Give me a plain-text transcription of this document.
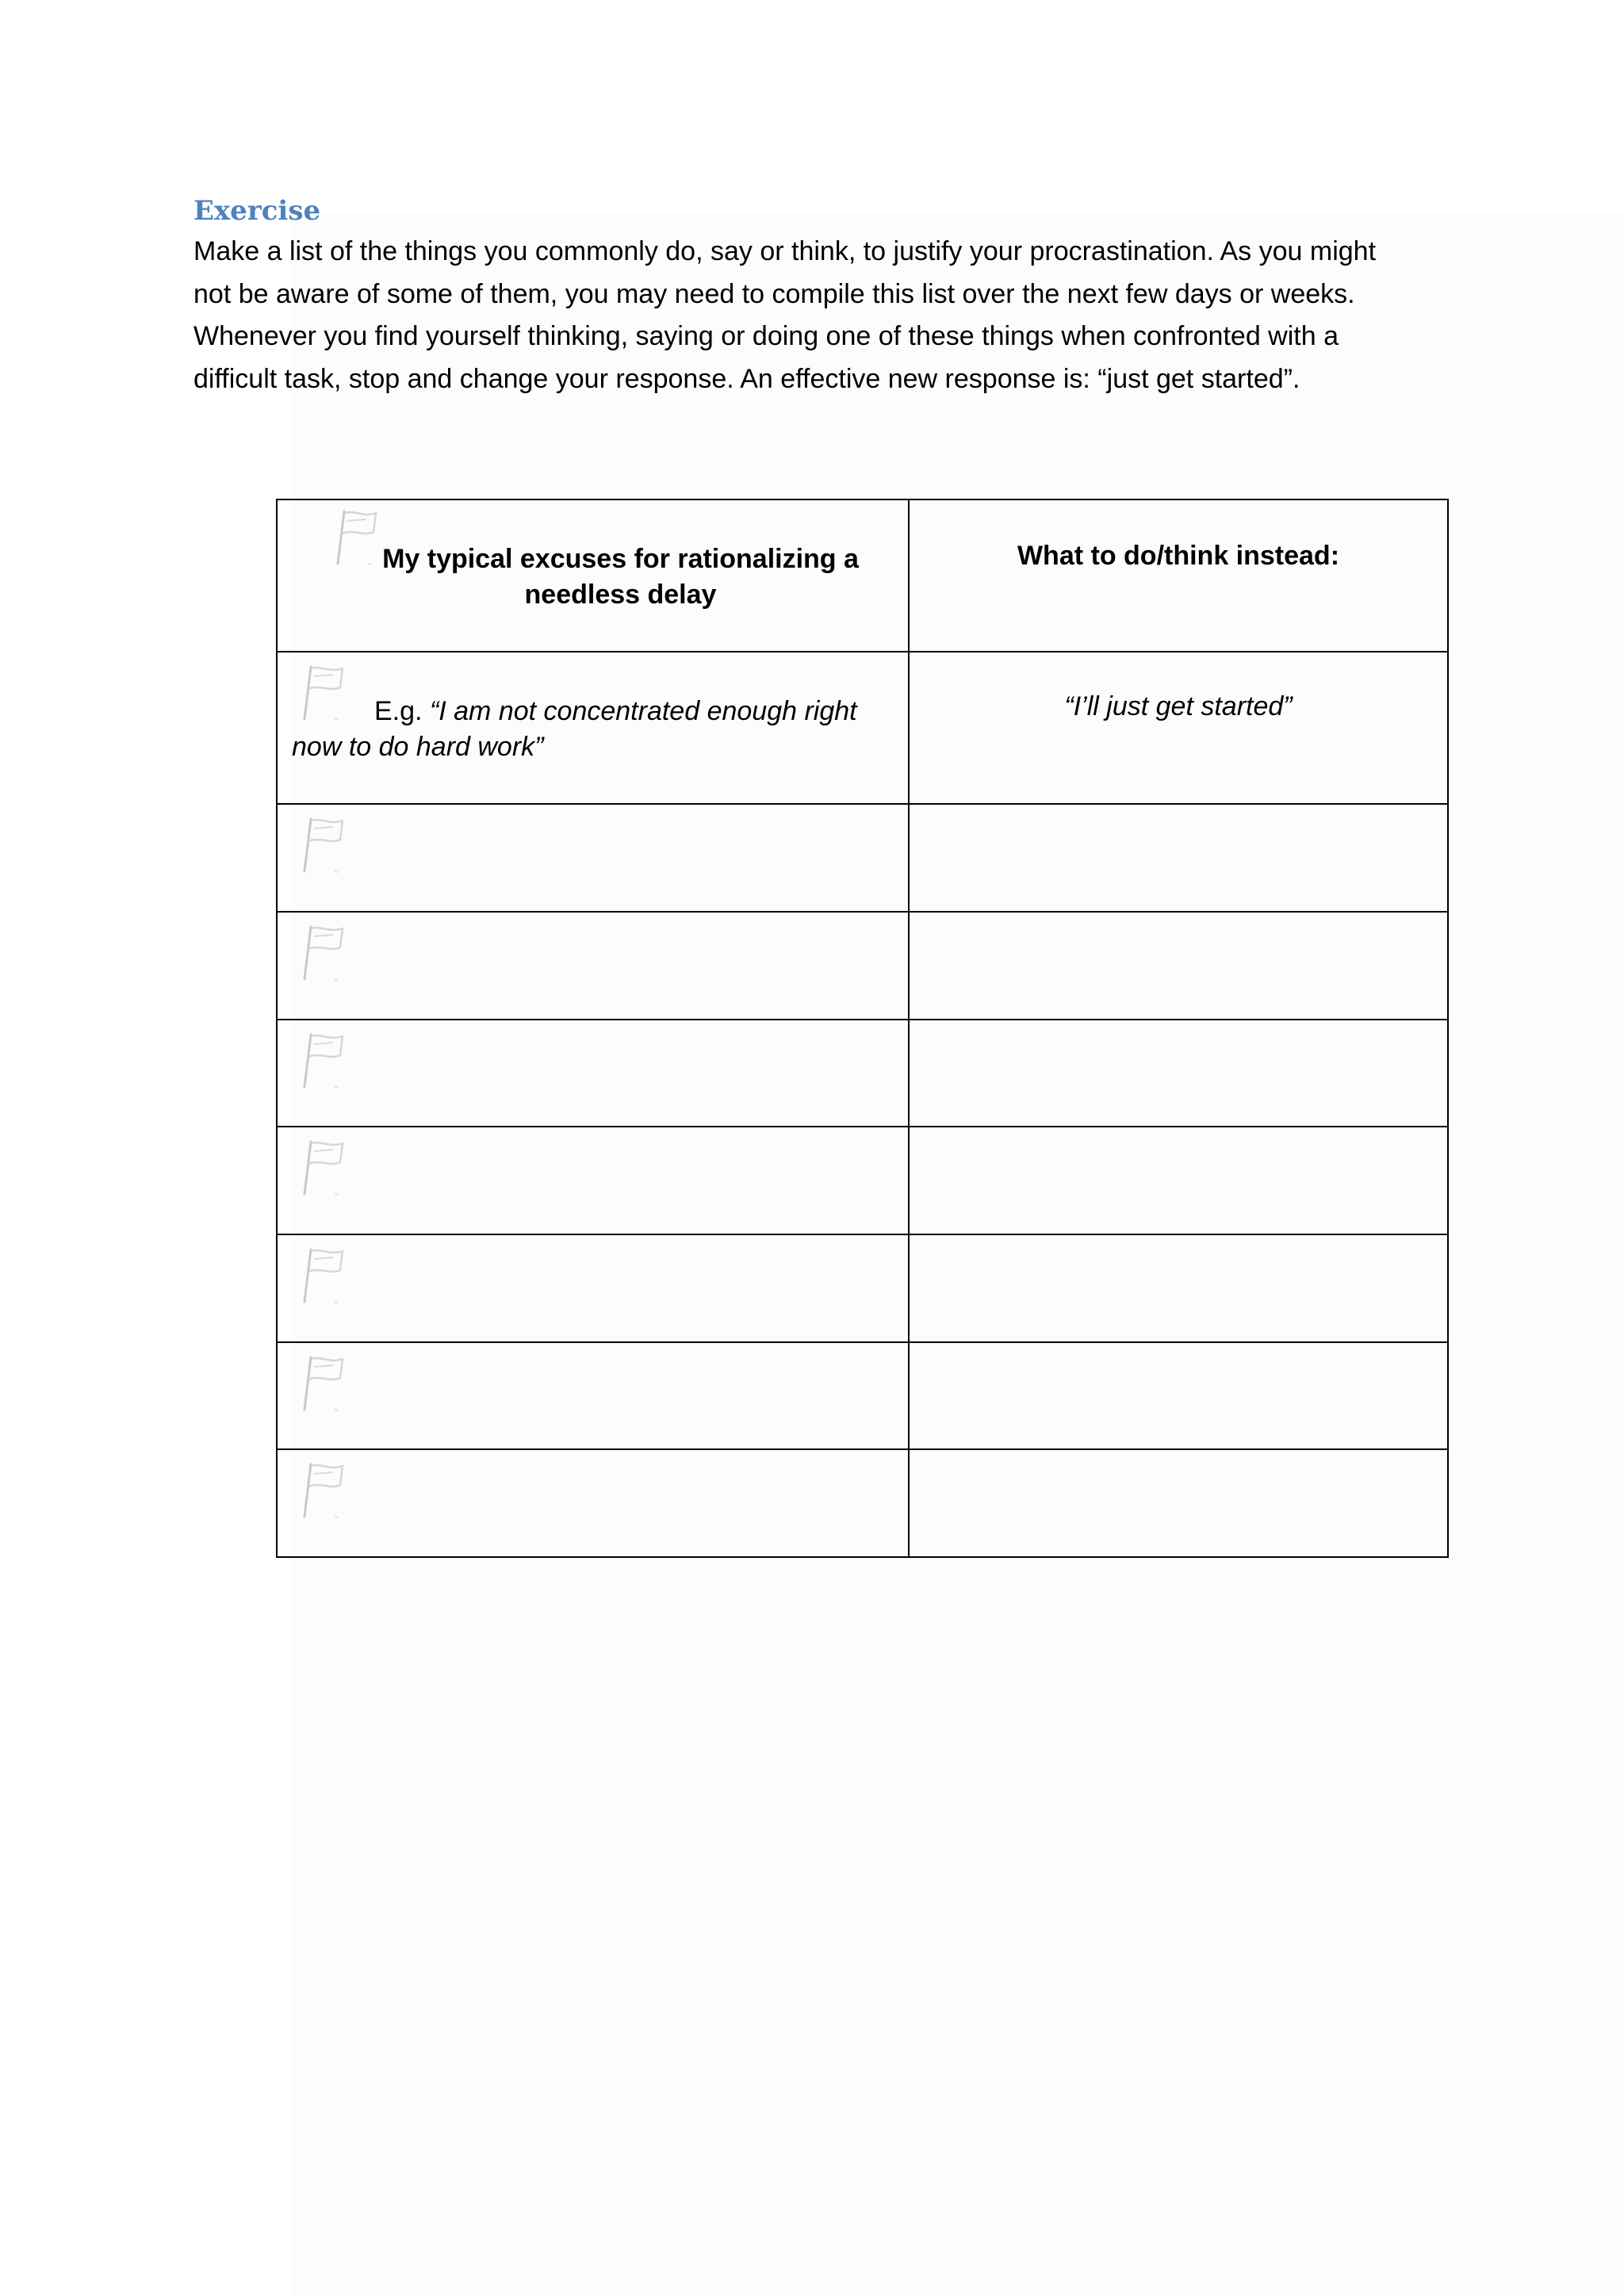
Exercise

Make a list of the things you commonly do, say or think, to justify your procrastination. As you might

not be aware of some of them, you may need to compile this list over the next few days or weeks.

Whenever you find yourself thinking, saying or doing one of these things when confronted with a

difficult task, stop and change your response. An effective new response is: “just get started”.

My typical excuses for rationalizing a
needless delay	What to do/think instead:

E.g. “I am not concentrated enough right now to do hard work”	“I’ll just get started”
